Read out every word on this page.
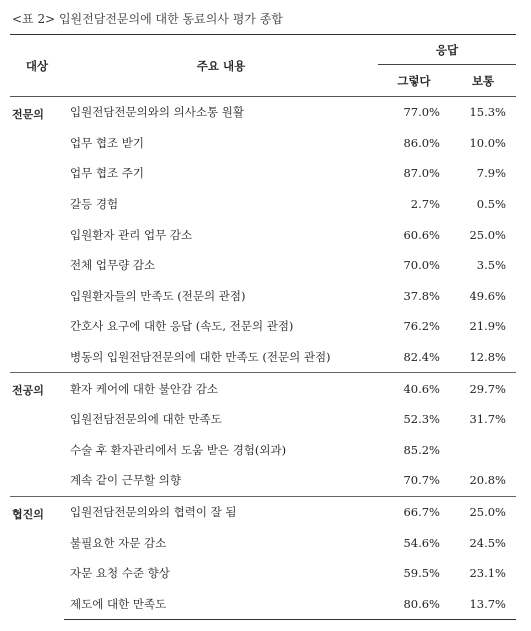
<표 2> 입원전담전문의에 대한 동료의사 평가 종합
대상	주요 내용	응답	
		그렇다	보통
전문의	입원전담전문의와의 의사소통 원활	77.0%	15.3%
	업무 협조 받기	86.0%	10.0%
	업무 협조 주기	87.0%	7.9%
	갈등 경험	2.7%	0.5%
	입원환자 관리 업무 감소	60.6%	25.0%
	전체 업무량 감소	70.0%	3.5%
	입원환자들의 만족도 (전문의 관점)	37.8%	49.6%
	간호사 요구에 대한 응답 (속도, 전문의 관점)	76.2%	21.9%
	병동의 입원전담전문의에 대한 만족도 (전문의 관점)	82.4%	12.8%
전공의	환자 케어에 대한 불안감 감소	40.6%	29.7%
	입원전담전문의에 대한 만족도	52.3%	31.7%
	수술 후 환자관리에서 도움 받은 경험(외과)	85.2%	
	계속 같이 근무할 의향	70.7%	20.8%
협진의	입원전담전문의와의 협력이 잘 됨	66.7%	25.0%
	불필요한 자문 감소	54.6%	24.5%
	자문 요청 수준 향상	59.5%	23.1%
	제도에 대한 만족도	80.6%	13.7%
